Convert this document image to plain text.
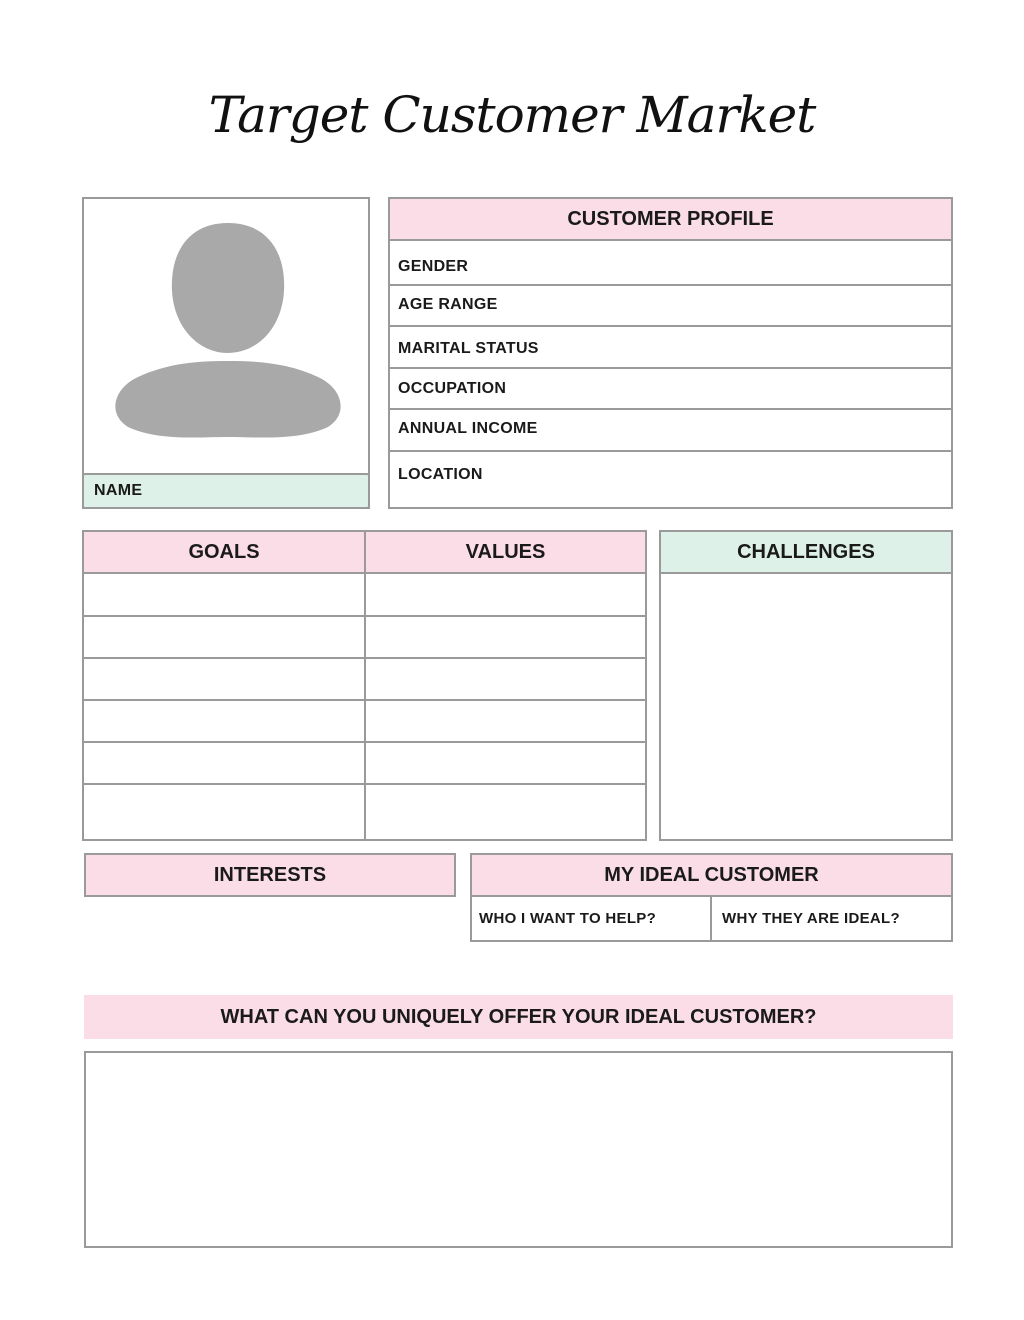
Target Customer Market
NAME
CUSTOMER PROFILE
GENDER
AGE RANGE
MARITAL STATUS
OCCUPATION
ANNUAL INCOME
LOCATION
GOALS	VALUES	CHALLENGES
INTERESTS	MY IDEAL CUSTOMER
WHO I WANT TO HELP?	WHY THEY ARE IDEAL?
WHAT CAN YOU UNIQUELY OFFER YOUR IDEAL CUSTOMER?
